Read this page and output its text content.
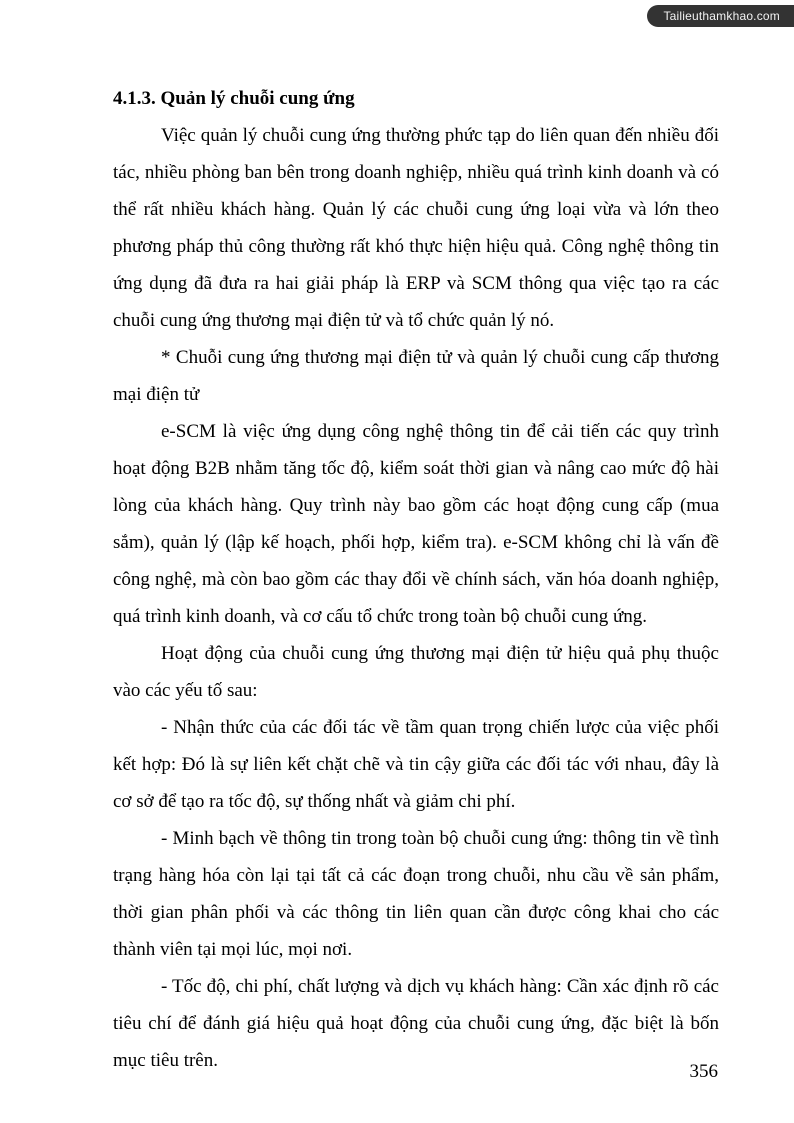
Tailieuthamkhao.com
4.1.3. Quản lý chuỗi cung ứng

Việc quản lý chuỗi cung ứng thường phức tạp do liên quan đến nhiều đối tác, nhiều phòng ban bên trong doanh nghiệp, nhiều quá trình kinh doanh và có thể rất nhiều khách hàng. Quản lý các chuỗi cung ứng loại vừa và lớn theo phương pháp thủ công thường rất khó thực hiện hiệu quả. Công nghệ thông tin ứng dụng đã đưa ra hai giải pháp là ERP và SCM thông qua việc tạo ra các chuỗi cung ứng thương mại điện tử và tổ chức quản lý nó.

* Chuỗi cung ứng thương mại điện tử và quản lý chuỗi cung cấp thương mại điện tử

e-SCM là việc ứng dụng công nghệ thông tin để cải tiến các quy trình hoạt động B2B nhằm tăng tốc độ, kiểm soát thời gian và nâng cao mức độ hài lòng của khách hàng. Quy trình này bao gồm các hoạt động cung cấp (mua sắm), quản lý (lập kế hoạch, phối hợp, kiểm tra). e-SCM không chỉ là vấn đề công nghệ, mà còn bao gồm các thay đổi về chính sách, văn hóa doanh nghiệp, quá trình kinh doanh, và cơ cấu tổ chức trong toàn bộ chuỗi cung ứng.

Hoạt động của chuỗi cung ứng thương mại điện tử hiệu quả phụ thuộc vào các yếu tố sau:

- Nhận thức của các đối tác về tầm quan trọng chiến lược của việc phối kết hợp: Đó là sự liên kết chặt chẽ và tin cậy giữa các đối tác với nhau, đây là cơ sở để tạo ra tốc độ, sự thống nhất và giảm chi phí.

- Minh bạch về thông tin trong toàn bộ chuỗi cung ứng: thông tin về tình trạng hàng hóa còn lại tại tất cả các đoạn trong chuỗi, nhu cầu về sản phẩm, thời gian phân phối và các thông tin liên quan cần được công khai cho các thành viên tại mọi lúc, mọi nơi.

- Tốc độ, chi phí, chất lượng và dịch vụ khách hàng: Cần xác định rõ các tiêu chí để đánh giá hiệu quả hoạt động của chuỗi cung ứng, đặc biệt là bốn mục tiêu trên.

356
